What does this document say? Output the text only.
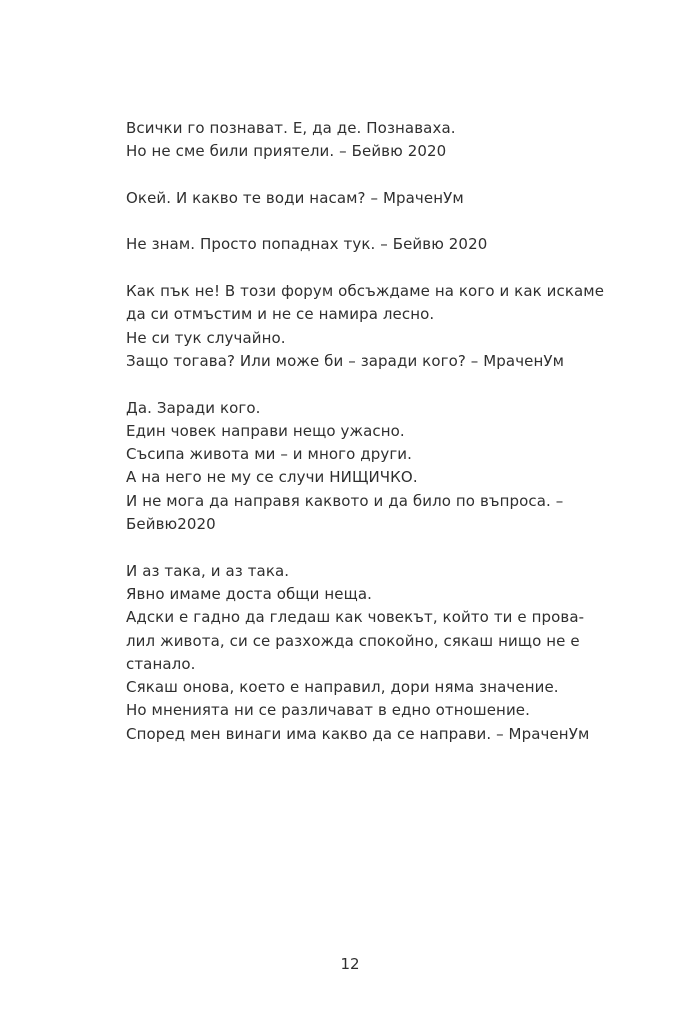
Всички го познават. Е, да де. Познаваха.
Но не сме били приятели. – Бейвю 2020
Окей. И какво те води насам? – МраченУм
Не знам. Просто попаднах тук. – Бейвю 2020
Как пък не! В този форум обсъждаме на кого и как искаме
да си отмъстим и не се намира лесно.
Не си тук случайно.
Защо тогава? Или може би – заради кого? – МраченУм
Да. Заради кого.
Един човек направи нещо ужасно.
Съсипа живота ми – и много други.
А на него не му се случи НИЩИЧКО.
И не мога да направя каквото и да било по въпроса. –
Бейвю2020
И аз така, и аз така.
Явно имаме доста общи неща.
Адски е гадно да гледаш как човекът, който ти е прова-
лил живота, си се разхожда спокойно, сякаш нищо не е
станало.
Сякаш онова, което е направил, дори няма значение.
Но мненията ни се различават в едно отношение.
Според мен винаги има какво да се направи. – МраченУм
12
